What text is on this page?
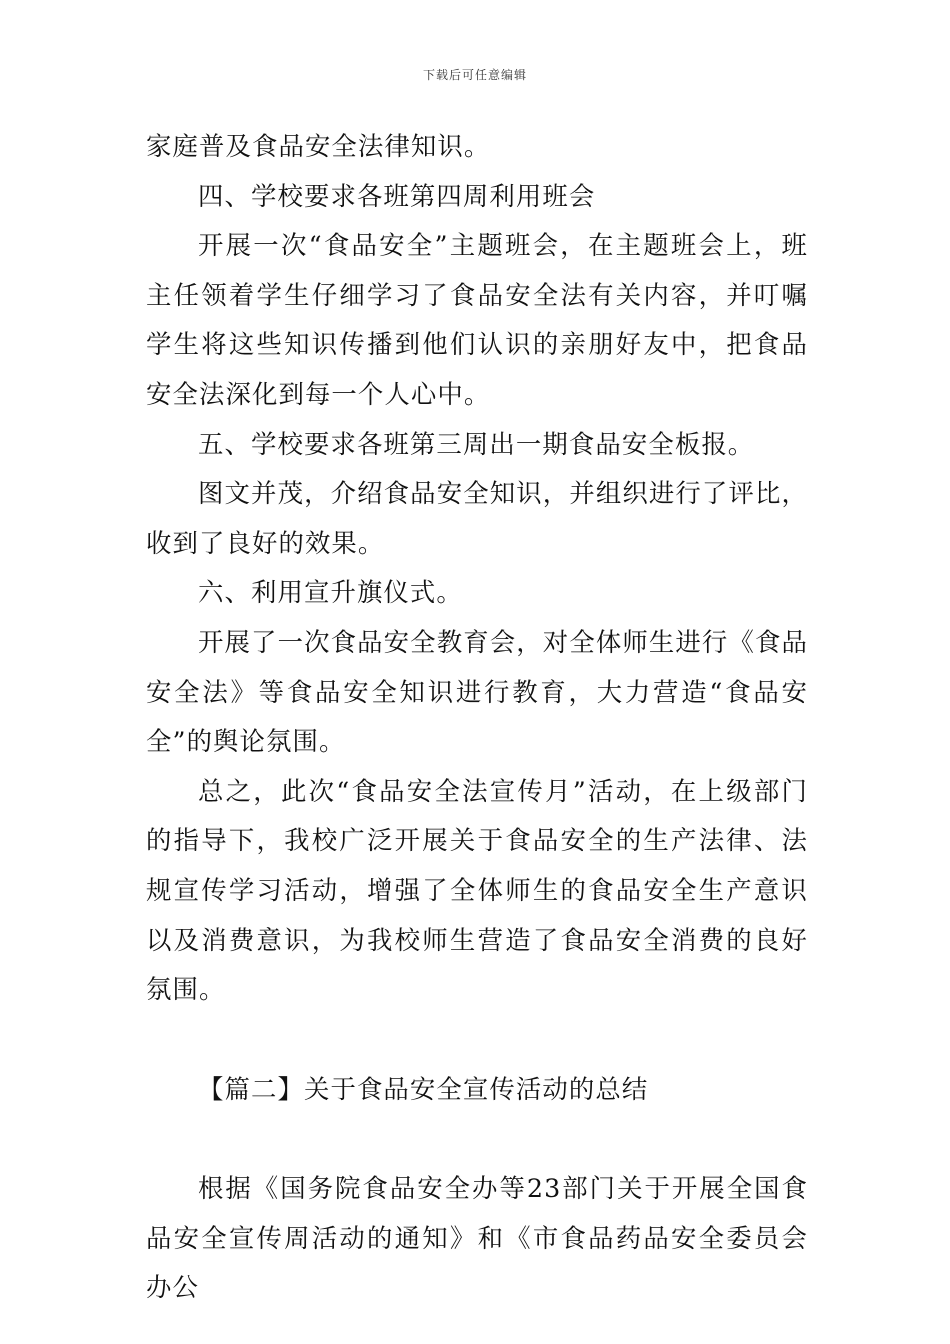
下载后可任意编辑

家庭普及食品安全法律知识。

四、学校要求各班第四周利用班会

开展一次“食品安全”主题班会，在主题班会上，班主任领着学生仔细学习了食品安全法有关内容，并叮嘱学生将这些知识传播到他们认识的亲朋好友中，把食品安全法深化到每一个人心中。

五、学校要求各班第三周出一期食品安全板报。

图文并茂，介绍食品安全知识，并组织进行了评比，收到了良好的效果。

六、利用宣升旗仪式。

开展了一次食品安全教育会，对全体师生进行《食品安全法》等食品安全知识进行教育，大力营造“食品安全”的舆论氛围。

总之，此次“食品安全法宣传月”活动，在上级部门的指导下，我校广泛开展关于食品安全的生产法律、法规宣传学习活动，增强了全体师生的食品安全生产意识以及消费意识，为我校师生营造了食品安全消费的良好氛围。

【篇二】关于食品安全宣传活动的总结

根据《国务院食品安全办等23部门关于开展全国食品安全宣传周活动的通知》和《市食品药品安全委员会办公
